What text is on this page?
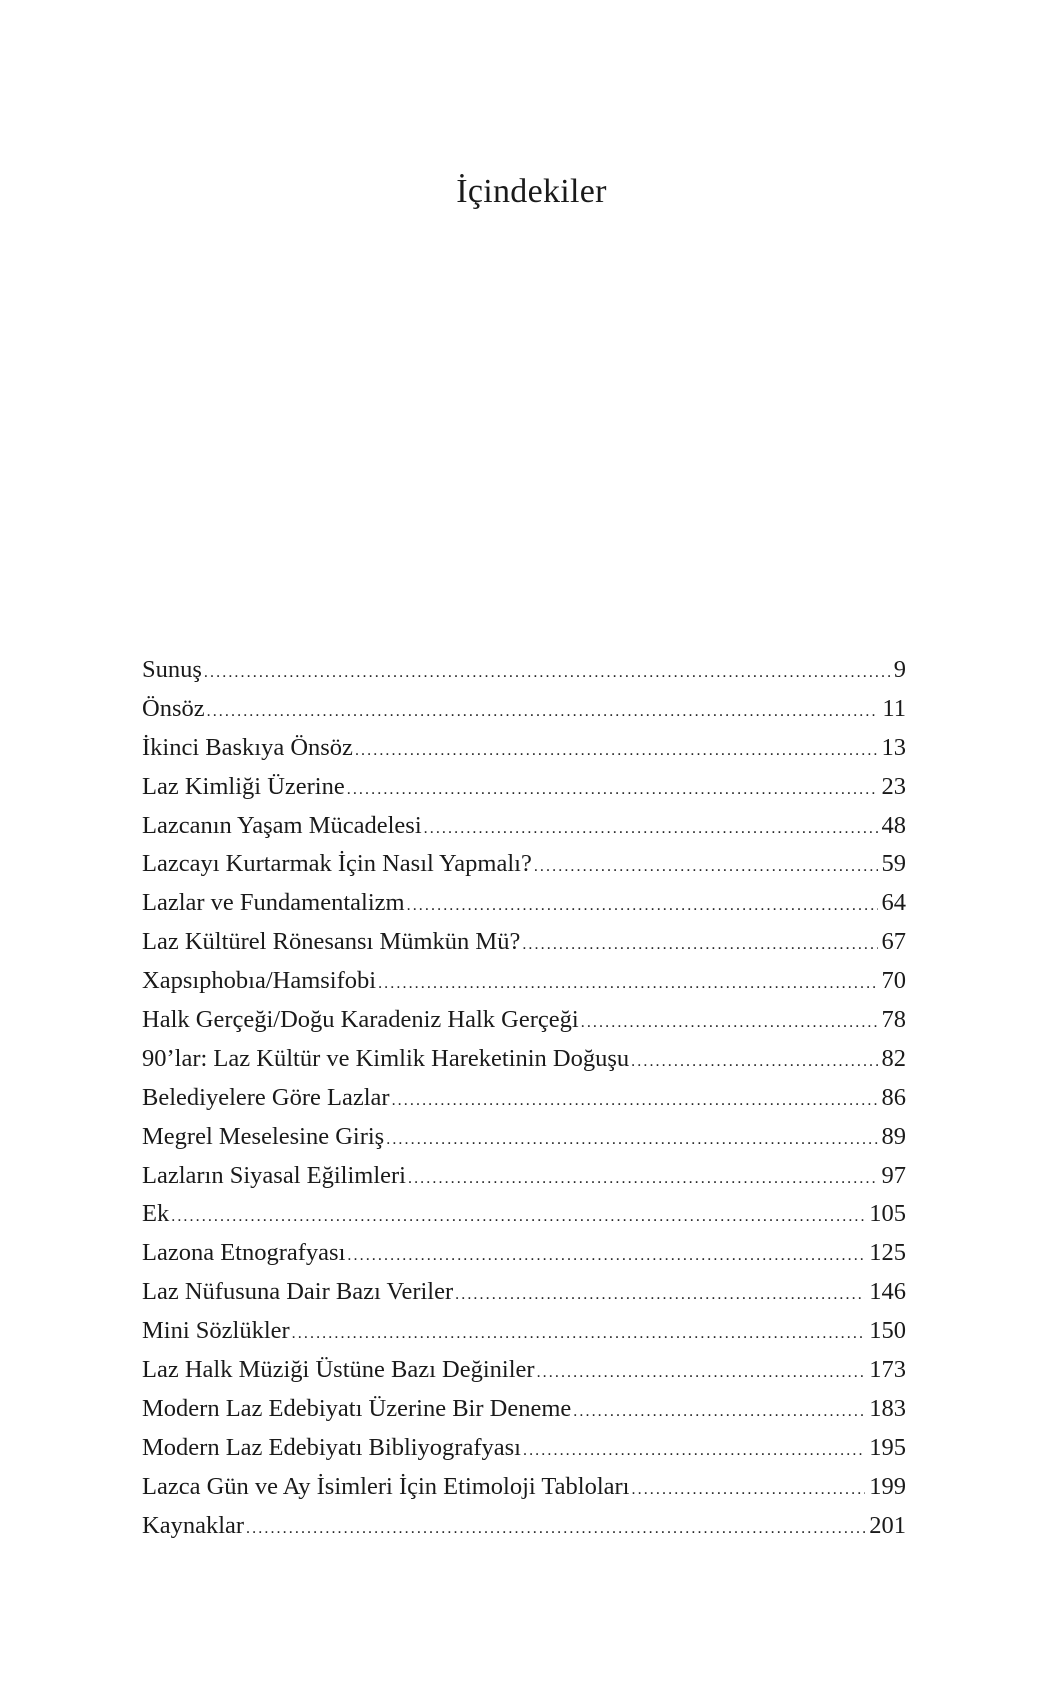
İçindekiler
Sunuş .....	9
Önsöz .....	11
İkinci Baskıya Önsöz .....	13
Laz Kimliği Üzerine .....	23
Lazcanın Yaşam Mücadelesi .....	48
Lazcayı Kurtarmak İçin Nasıl Yapmalı? .....	59
Lazlar ve Fundamentalizm .....	64
Laz Kültürel Rönesansı Mümkün Mü? .....	67
Xapsıphobıa/Hamsifobi .....	70
Halk Gerçeği/Doğu Karadeniz Halk Gerçeği .....	78
90’lar: Laz Kültür ve Kimlik Hareketinin Doğuşu .....	82
Belediyelere Göre Lazlar .....	86
Megrel Meselesine Giriş .....	89
Lazların Siyasal Eğilimleri .....	97
Ek .....	105
Lazona Etnografyası .....	125
Laz Nüfusuna Dair Bazı Veriler .....	146
Mini Sözlükler .....	150
Laz Halk Müziği Üstüne Bazı Değiniler .....	173
Modern Laz Edebiyatı Üzerine Bir Deneme .....	183
Modern Laz Edebiyatı Bibliyografyası .....	195
Lazca Gün ve Ay İsimleri İçin Etimoloji Tabloları .....	199
Kaynaklar .....	201
